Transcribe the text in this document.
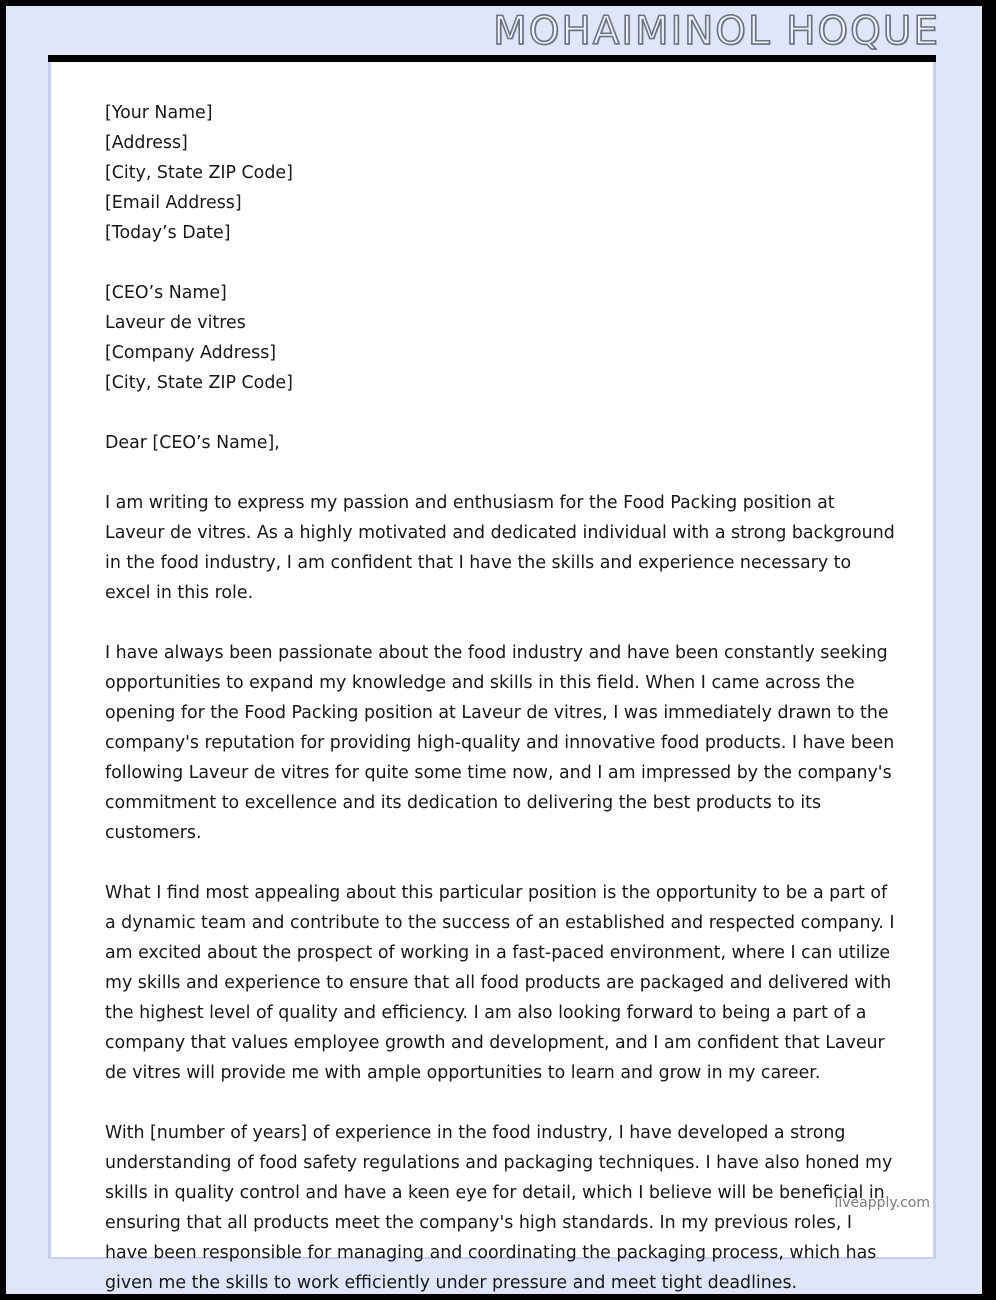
MOHAIMINOL HOQUE
[Your Name]
[Address]
[City, State ZIP Code]
[Email Address]
[Today’s Date]
[CEO’s Name]
Laveur de vitres
[Company Address]
[City, State ZIP Code]
Dear [CEO’s Name],

I am writing to express my passion and enthusiasm for the Food Packing position at Laveur de vitres. As a highly motivated and dedicated individual with a strong background in the food industry, I am confident that I have the skills and experience necessary to excel in this role.

I have always been passionate about the food industry and have been constantly seeking opportunities to expand my knowledge and skills in this field. When I came across the opening for the Food Packing position at Laveur de vitres, I was immediately drawn to the company's reputation for providing high-quality and innovative food products. I have been following Laveur de vitres for quite some time now, and I am impressed by the company's commitment to excellence and its dedication to delivering the best products to its customers.

What I find most appealing about this particular position is the opportunity to be a part of a dynamic team and contribute to the success of an established and respected company. I am excited about the prospect of working in a fast-paced environment, where I can utilize my skills and experience to ensure that all food products are packaged and delivered with the highest level of quality and efficiency. I am also looking forward to being a part of a company that values employee growth and development, and I am confident that Laveur de vitres will provide me with ample opportunities to learn and grow in my career.

With [number of years] of experience in the food industry, I have developed a strong understanding of food safety regulations and packaging techniques. I have also honed my skills in quality control and have a keen eye for detail, which I believe will be beneficial in ensuring that all products meet the company's high standards. In my previous roles, I have been responsible for managing and coordinating the packaging process, which has given me the skills to work efficiently under pressure and meet tight deadlines.

liveapply.com
